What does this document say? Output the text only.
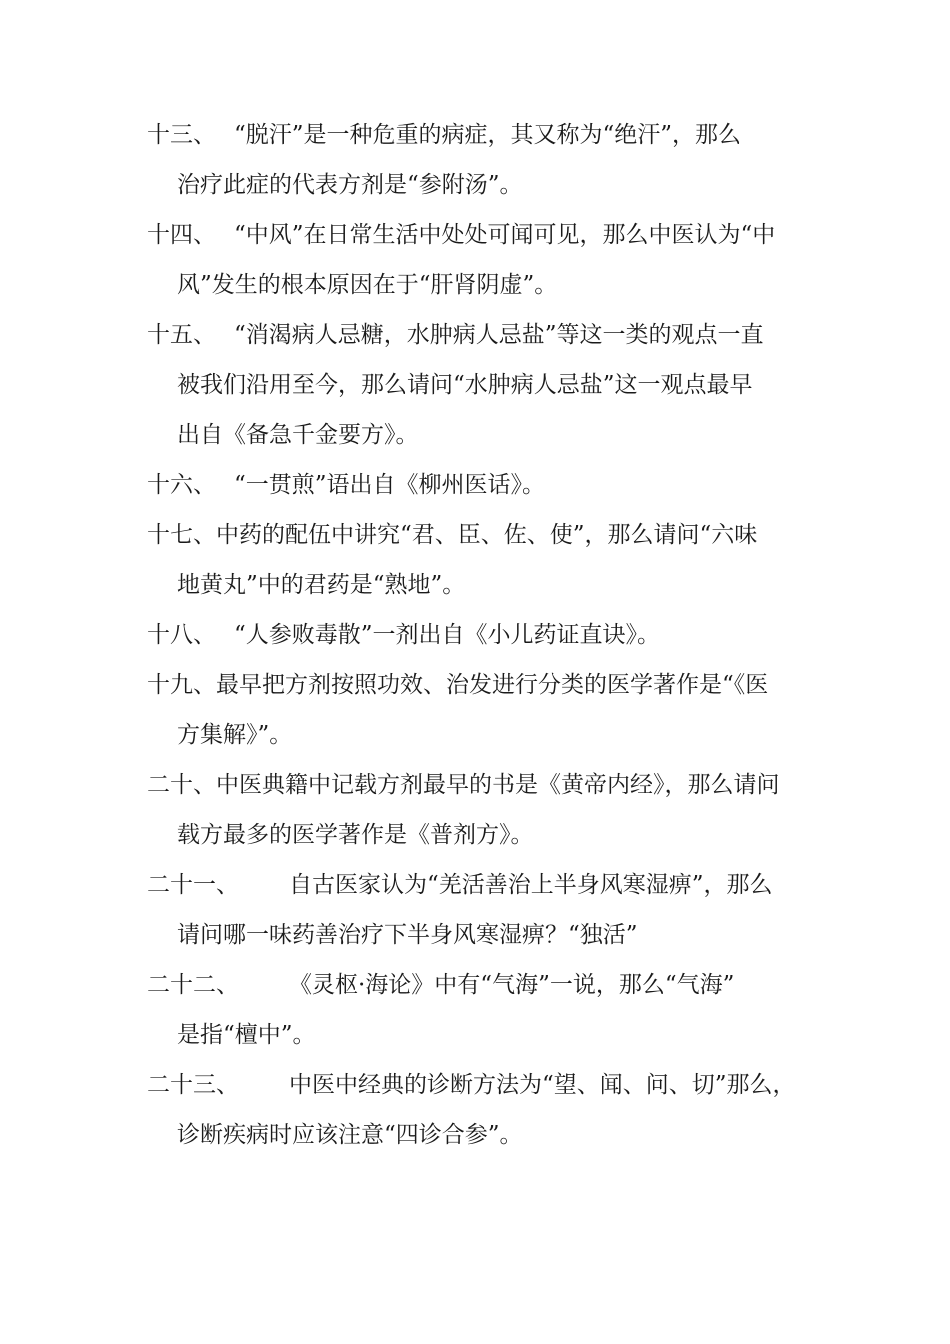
十三、 “脱汗”是一种危重的病症，其又称为“绝汗”，那么
治疗此症的代表方剂是“参附汤”。
十四、 “中风”在日常生活中处处可闻可见，那么中医认为“中
风”发生的根本原因在于“肝肾阴虚”。
十五、 “消渴病人忌糖，水肿病人忌盐”等这一类的观点一直
被我们沿用至今，那么请问“水肿病人忌盐”这一观点最早
出自《备急千金要方》。
十六、 “一贯煎”语出自《柳州医话》。
十七、中药的配伍中讲究“君、臣、佐、使”，那么请问“六味
地黄丸”中的君药是“熟地”。
十八、 “人参败毒散”一剂出自《小儿药证直诀》。
十九、最早把方剂按照功效、治发进行分类的医学著作是“《医
方集解》”。
二十、中医典籍中记载方剂最早的书是《黄帝内经》，那么请问
载方最多的医学著作是《普剂方》。
二十一、 自古医家认为“羌活善治上半身风寒湿痹”，那么
请问哪一味药善治疗下半身风寒湿痹？“独活”
二十二、 《灵枢·海论》中有“气海”一说，那么“气海”
是指“檀中”。
二十三、 中医中经典的诊断方法为“望、闻、问、切”那么，
诊断疾病时应该注意“四诊合参”。
